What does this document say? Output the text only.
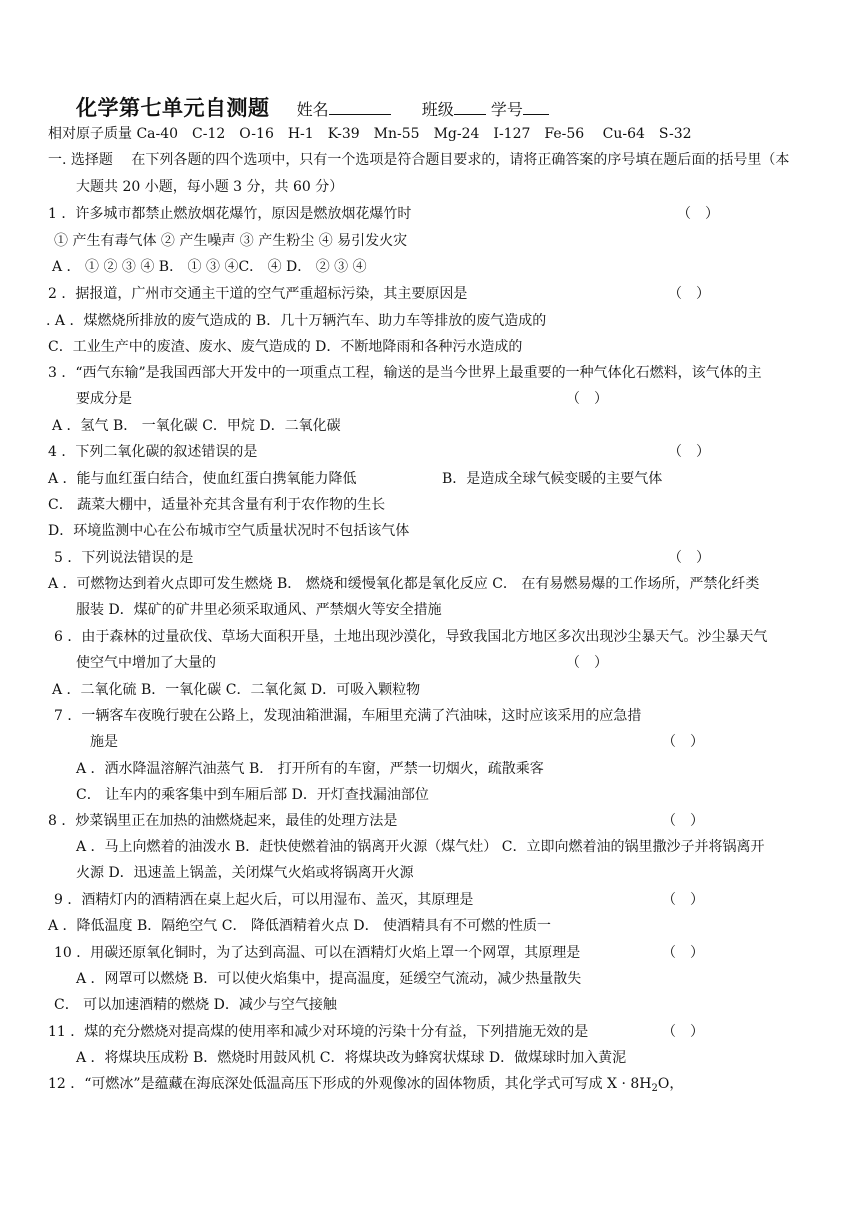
化学第七单元自测题 姓名	班级 学号
相对原子质量 Ca-40　C-12　O-16　H-1　K-39　Mn-55　Mg-24　I-127　Fe-56　 Cu-64　S-32
一. 选择题　 在下列各题的四个选项中，只有一个选项是符合题目要求的，请将正确答案的序号填在题后面的括号里（本
大题共 20 小题，每小题 3 分，共 60 分）
1 ．许多城市都禁止燃放烟花爆竹，原因是燃放烟花爆竹时	（　）
① 产生有毒气体 ② 产生噪声 ③ 产生粉尘 ④ 易引发火灾
A ． ① ② ③ ④ B． ① ③ ④C． ④ D． ② ③ ④
2 ．据报道，广州市交通主干道的空气严重超标污染，其主要原因是	（　）
. A ．煤燃烧所排放的废气造成的 B．几十万辆汽车、助力车等排放的废气造成的
C．工业生产中的废渣、废水、废气造成的 D．不断地降雨和各种污水造成的
3 ．“西气东输”是我国西部大开发中的一项重点工程，输送的是当今世界上最重要的一种气体化石燃料，该气体的主
要成分是	（　）
A ．氢气 B． 一氧化碳 C．甲烷 D．二氧化碳
4 ．下列二氧化碳的叙述错误的是	（　）
A ．能与血红蛋白结合，使血红蛋白携氧能力降低	B．是造成全球气候变暖的主要气体
C． 蔬菜大棚中，适量补充其含量有利于农作物的生长
D．环境监测中心在公布城市空气质量状况时不包括该气体
5 ．下列说法错误的是	（　）
A ．可燃物达到着火点即可发生燃烧 B． 燃烧和缓慢氧化都是氧化反应 C． 在有易燃易爆的工作场所，严禁化纤类
服装 D．煤矿的矿井里必须采取通风、严禁烟火等安全措施
6 ．由于森林的过量砍伐、草场大面积开垦，土地出现沙漠化，导致我国北方地区多次出现沙尘暴天气。沙尘暴天气
使空气中增加了大量的	（　）
A ．二氧化硫 B．一氧化碳 C．二氧化氮 D．可吸入颗粒物
7 ．一辆客车夜晚行驶在公路上，发现油箱泄漏，车厢里充满了汽油味，这时应该采用的应急措
施是	（　）
A ．洒水降温溶解汽油蒸气 B． 打开所有的车窗，严禁一切烟火，疏散乘客
C． 让车内的乘客集中到车厢后部 D．开灯查找漏油部位
8 ．炒菜锅里正在加热的油燃烧起来，最佳的处理方法是	（　）
A ．马上向燃着的油泼水 B．赶快使燃着油的锅离开火源（煤气灶） C．立即向燃着油的锅里撒沙子并将锅离开
火源 D．迅速盖上锅盖，关闭煤气火焰或将锅离开火源
9 ．酒精灯内的酒精洒在桌上起火后，可以用湿布、盖灭，其原理是	（　）
A ．降低温度 B．隔绝空气 C． 降低酒精着火点 D． 使酒精具有不可燃的性质一
10 ．用碳还原氧化铜时，为了达到高温、可以在酒精灯火焰上罩一个网罩，其原理是	（　）
A ．网罩可以燃烧 B．可以使火焰集中，提高温度，延缓空气流动，减少热量散失
C． 可以加速酒精的燃烧 D．减少与空气接触
11 ．煤的充分燃烧对提高煤的使用率和减少对环境的污染十分有益，下列措施无效的是	（　）
A ．将煤块压成粉 B．燃烧时用鼓风机 C．将煤块改为蜂窝状煤球 D．做煤球时加入黄泥
12 ．“可燃冰”是蕴藏在海底深处低温高压下形成的外观像冰的固体物质，其化学式可写成 $X \cdot 8H_2O$，
